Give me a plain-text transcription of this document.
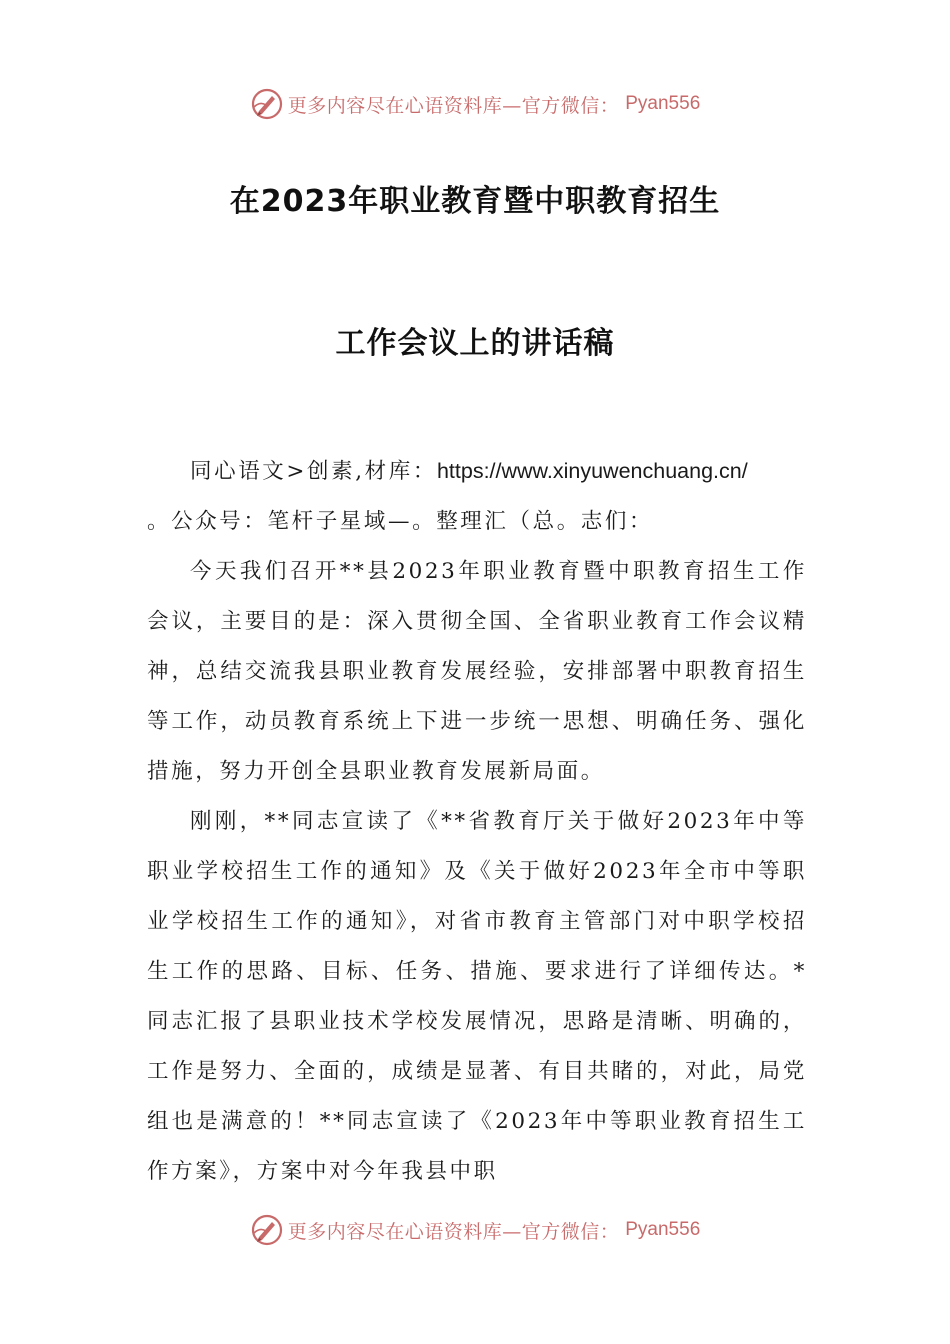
更多内容尽在心语资料库—官方微信： Pyan556
在2023年职业教育暨中职教育招生
工作会议上的讲话稿

同心语文>创素,材库：https://www.xinyuwenchuang.cn/

。公众号：笔杆子星域—。整理汇（总。志们：

今天我们召开**县2023年职业教育暨中职教育招生工作会议，主要目的是：深入贯彻全国、全省职业教育工作会议精神，总结交流我县职业教育发展经验，安排部署中职教育招生等工作，动员教育系统上下进一步统一思想、明确任务、强化措施，努力开创全县职业教育发展新局面。

刚刚，**同志宣读了《**省教育厅关于做好2023年中等职业学校招生工作的通知》及《关于做好2023年全市中等职业学校招生工作的通知》，对省市教育主管部门对中职学校招生工作的思路、目标、任务、措施、要求进行了详细传达。*同志汇报了县职业技术学校发展情况，思路是清晰、明确的，工作是努力、全面的，成绩是显著、有目共睹的，对此，局党组也是满意的！**同志宣读了《2023年中等职业教育招生工作方案》，方案中对今年我县中职

更多内容尽在心语资料库—官方微信： Pyan556
